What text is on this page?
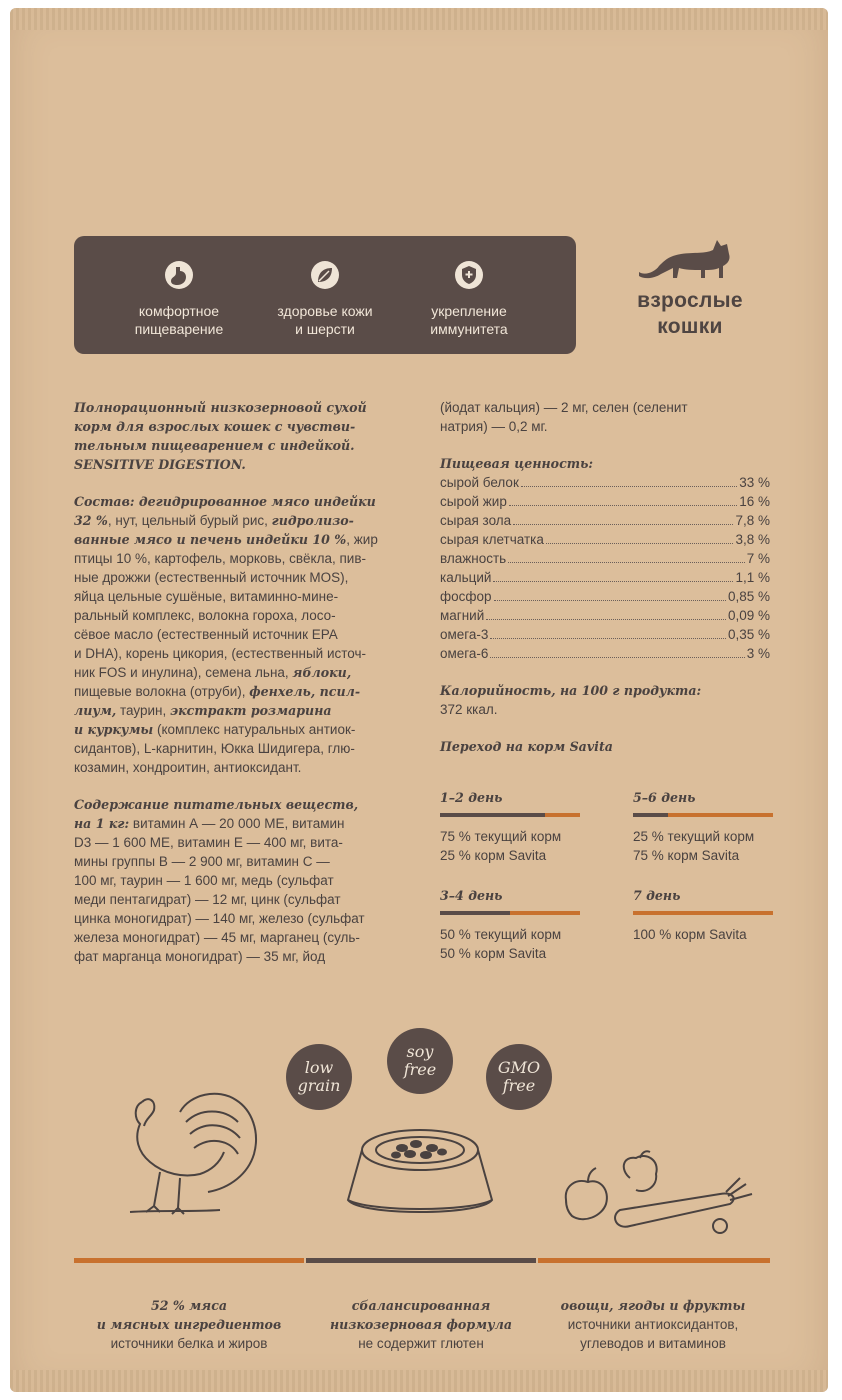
комфортное
пищеварение
здоровье кожи
и шерсти
укрепление
иммунитета
взрослые
кошки
Полнорационный низкозерновой сухой
корм для взрослых кошек с чувстви-
тельным пищеварением с индейкой.
SENSITIVE DIGESTION.
Состав: дегидрированное мясо индейки
32 %, нут, цельный бурый рис, гидролизо-
ванные мясо и печень индейки 10 %, жир
птицы 10 %, картофель, морковь, свёкла, пив-
ные дрожжи (естественный источник MOS),
яйца цельные сушёные, витаминно-мине-
ральный комплекс, волокна гороха, лосо-
сёвое масло (естественный источник EPA
и DHA), корень цикория, (естественный источ-
ник FOS и инулина), семена льна, яблоки,
пищевые волокна (отруби), фенхель, псил-
лиум, таурин, экстракт розмарина
и куркумы (комплекс натуральных антиок-
сидантов), L-карнитин, Юкка Шидигера, глю-
козамин, хондроитин, антиоксидант.
Содержание питательных веществ,
на 1 кг: витамин А — 20 000 МЕ, витамин
D3 — 1 600 МЕ, витамин Е — 400 мг, вита-
мины группы В — 2 900 мг, витамин С —
100 мг, таурин — 1 600 мг, медь (сульфат
меди пентагидрат) — 12 мг, цинк (сульфат
цинка моногидрат) — 140 мг, железо (сульфат
железа моногидрат) — 45 мг, марганец (суль-
фат марганца моногидрат) — 35 мг, йод
(йодат кальция) — 2 мг, селен (селенит
натрия) — 0,2 мг.
Пищевая ценность:
сырой белок	33 %
сырой жир	16 %
сырая зола	7,8 %
сырая клетчатка	3,8 %
влажность	7 %
кальций	1,1 %
фосфор	0,85 %
магний	0,09 %
омега-3	0,35 %
омега-6	3 %
Калорийность, на 100 г продукта:
372 ккал.
Переход на корм Savita
1–2 день
75 % текущий корм
25 % корм Savita
3–4 день
50 % текущий корм
50 % корм Savita
5–6 день
25 % текущий корм
75 % корм Savita
7 день
100 % корм Savita
low
grain
soy
free	GMO
free
52 % мяса
и мясных ингредиентов
источники белка и жиров
сбалансированная
низкозерновая формула
не содержит глютен
овощи, ягоды и фрукты
источники антиоксидантов,
углеводов и витаминов
